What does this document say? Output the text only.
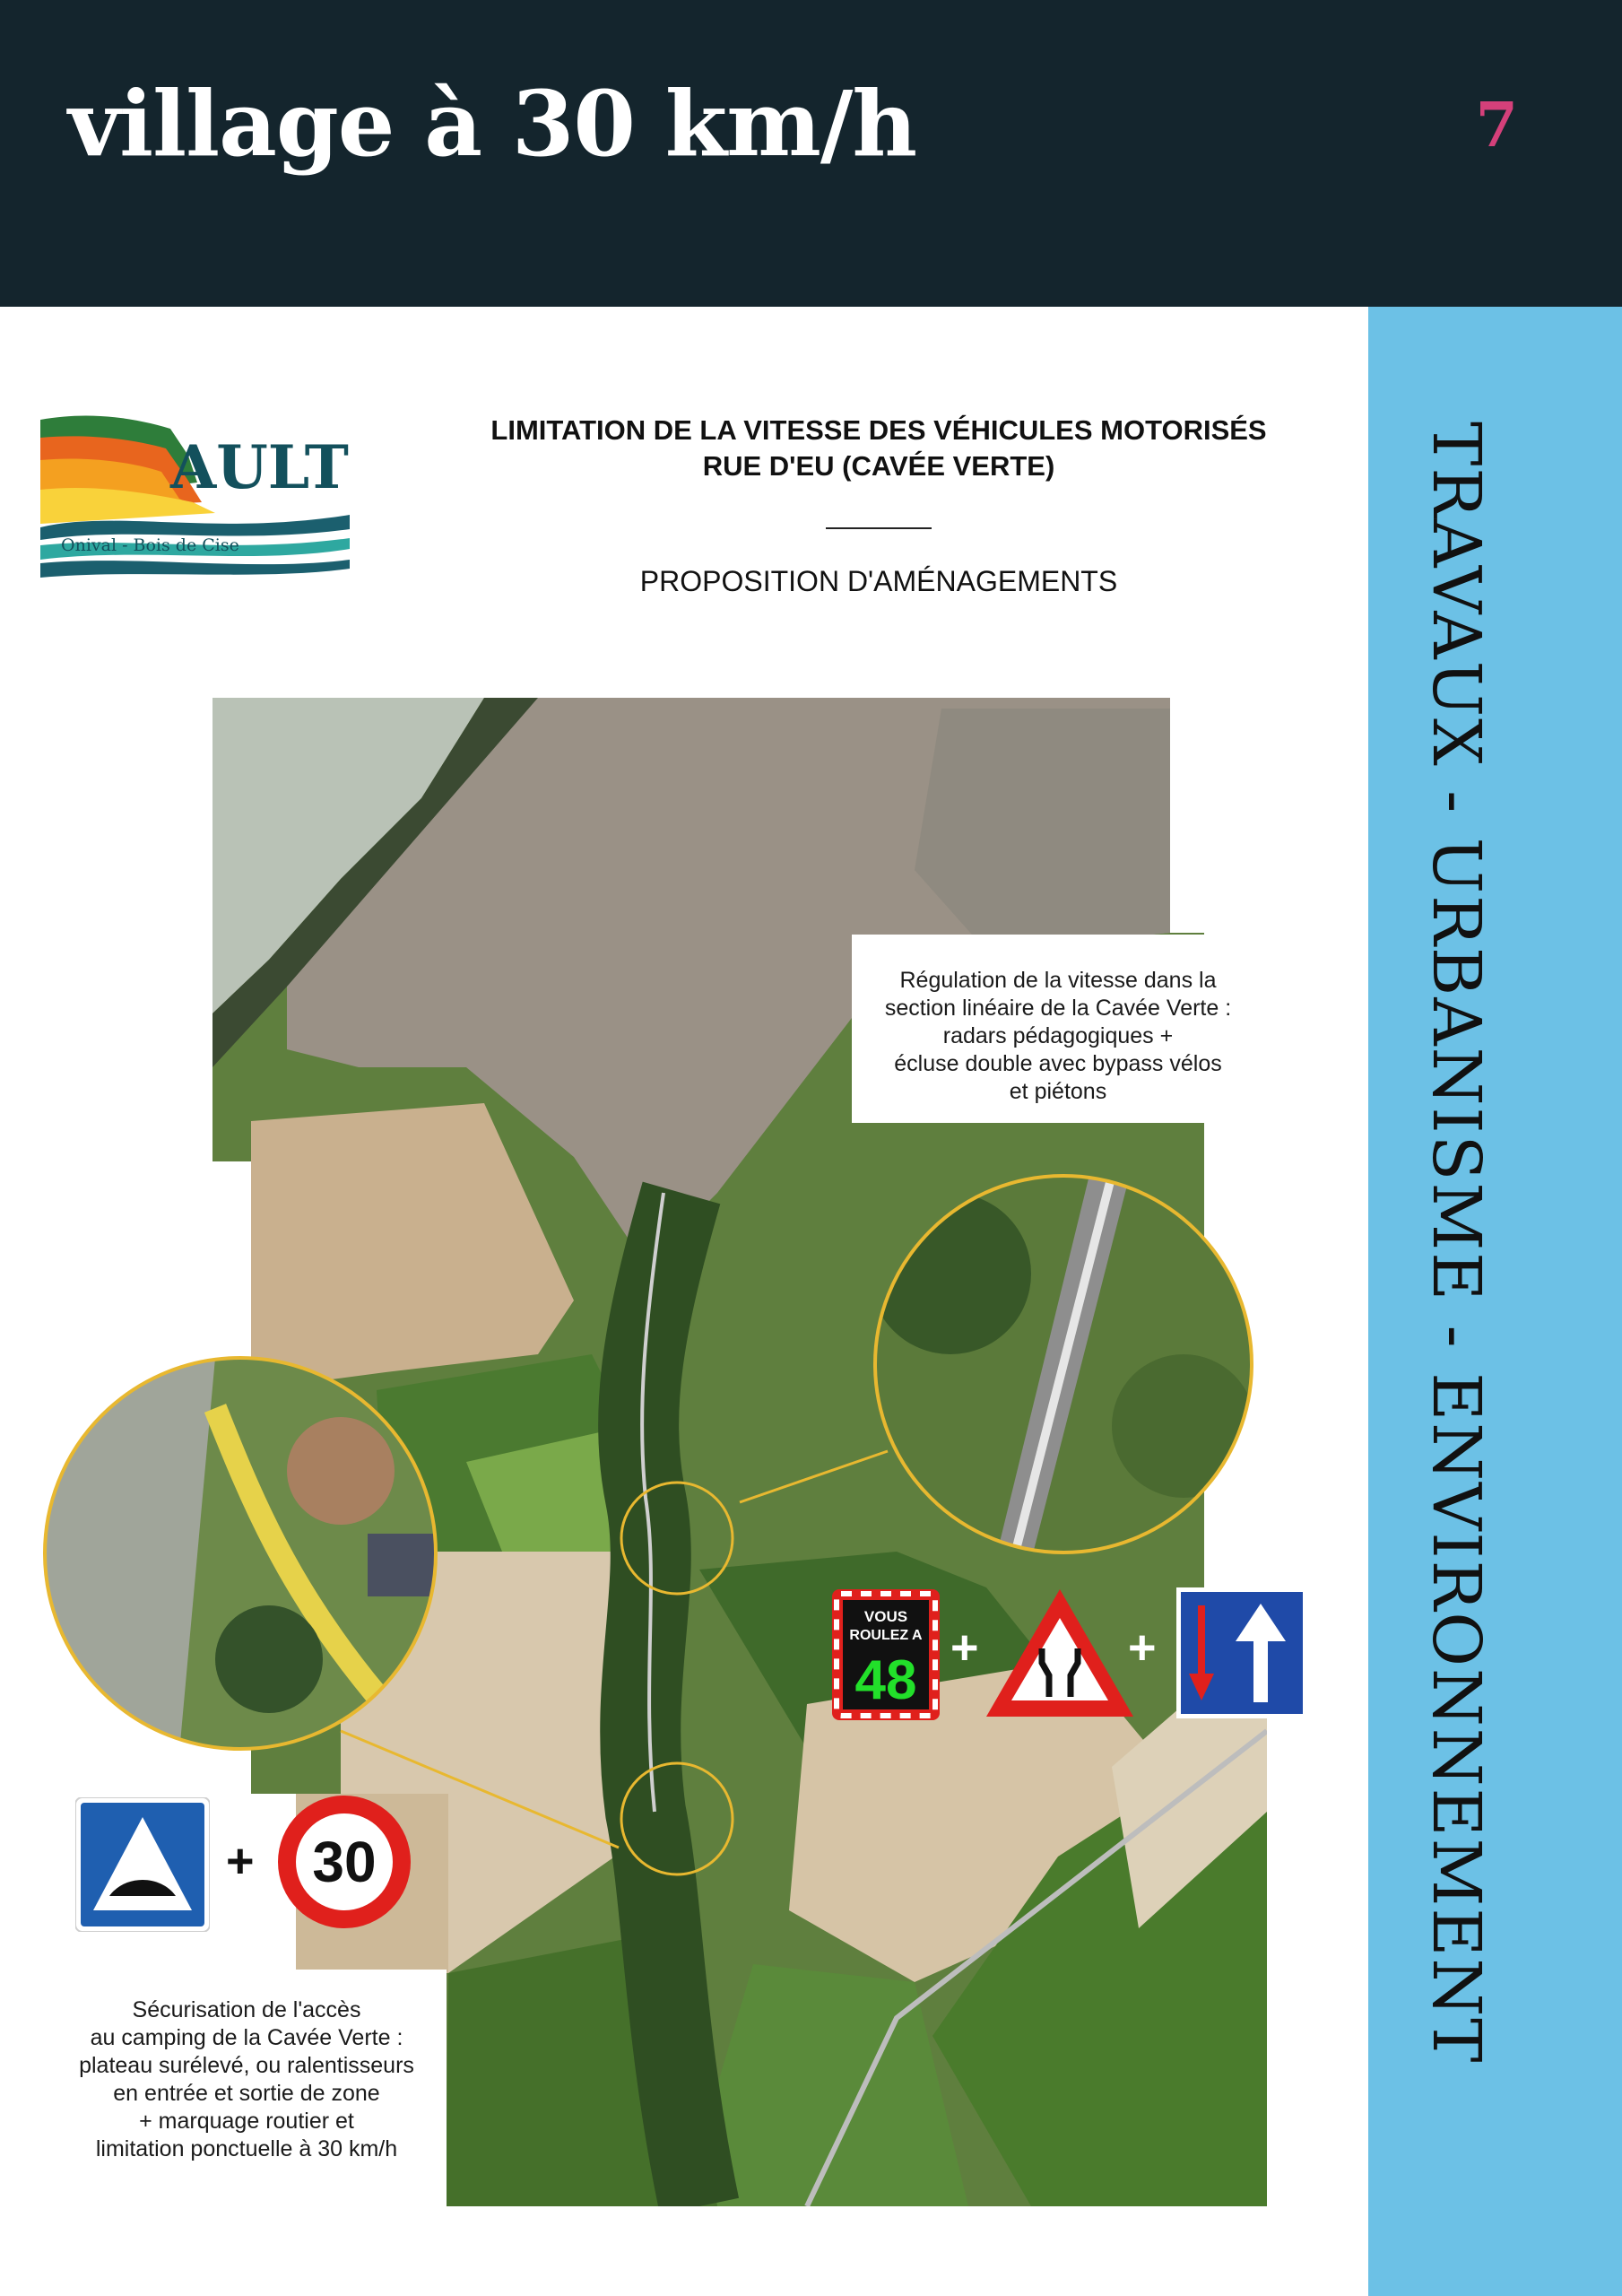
village à 30 km/h	7
TRAVAUX - URBANISME - ENVIRONNEMENT
AULT
Onival - Bois de Cise
LIMITATION DE LA VITESSE DES VÉHICULES MOTORISÉS
RUE D'EU (CAVÉE VERTE)
PROPOSITION D'AMÉNAGEMENTS
Régulation de la vitesse dans la
section linéaire de la Cavée Verte :
radars pédagogiques +
écluse double avec bypass vélos
et piétons
Sécurisation de l'accès
au camping de la Cavée Verte :
plateau surélevé, ou ralentisseurs
en entrée et sortie de zone
+ marquage routier et
limitation ponctuelle à 30 km/h
VOUS
ROULEZ A
48
+	+
+ 30
